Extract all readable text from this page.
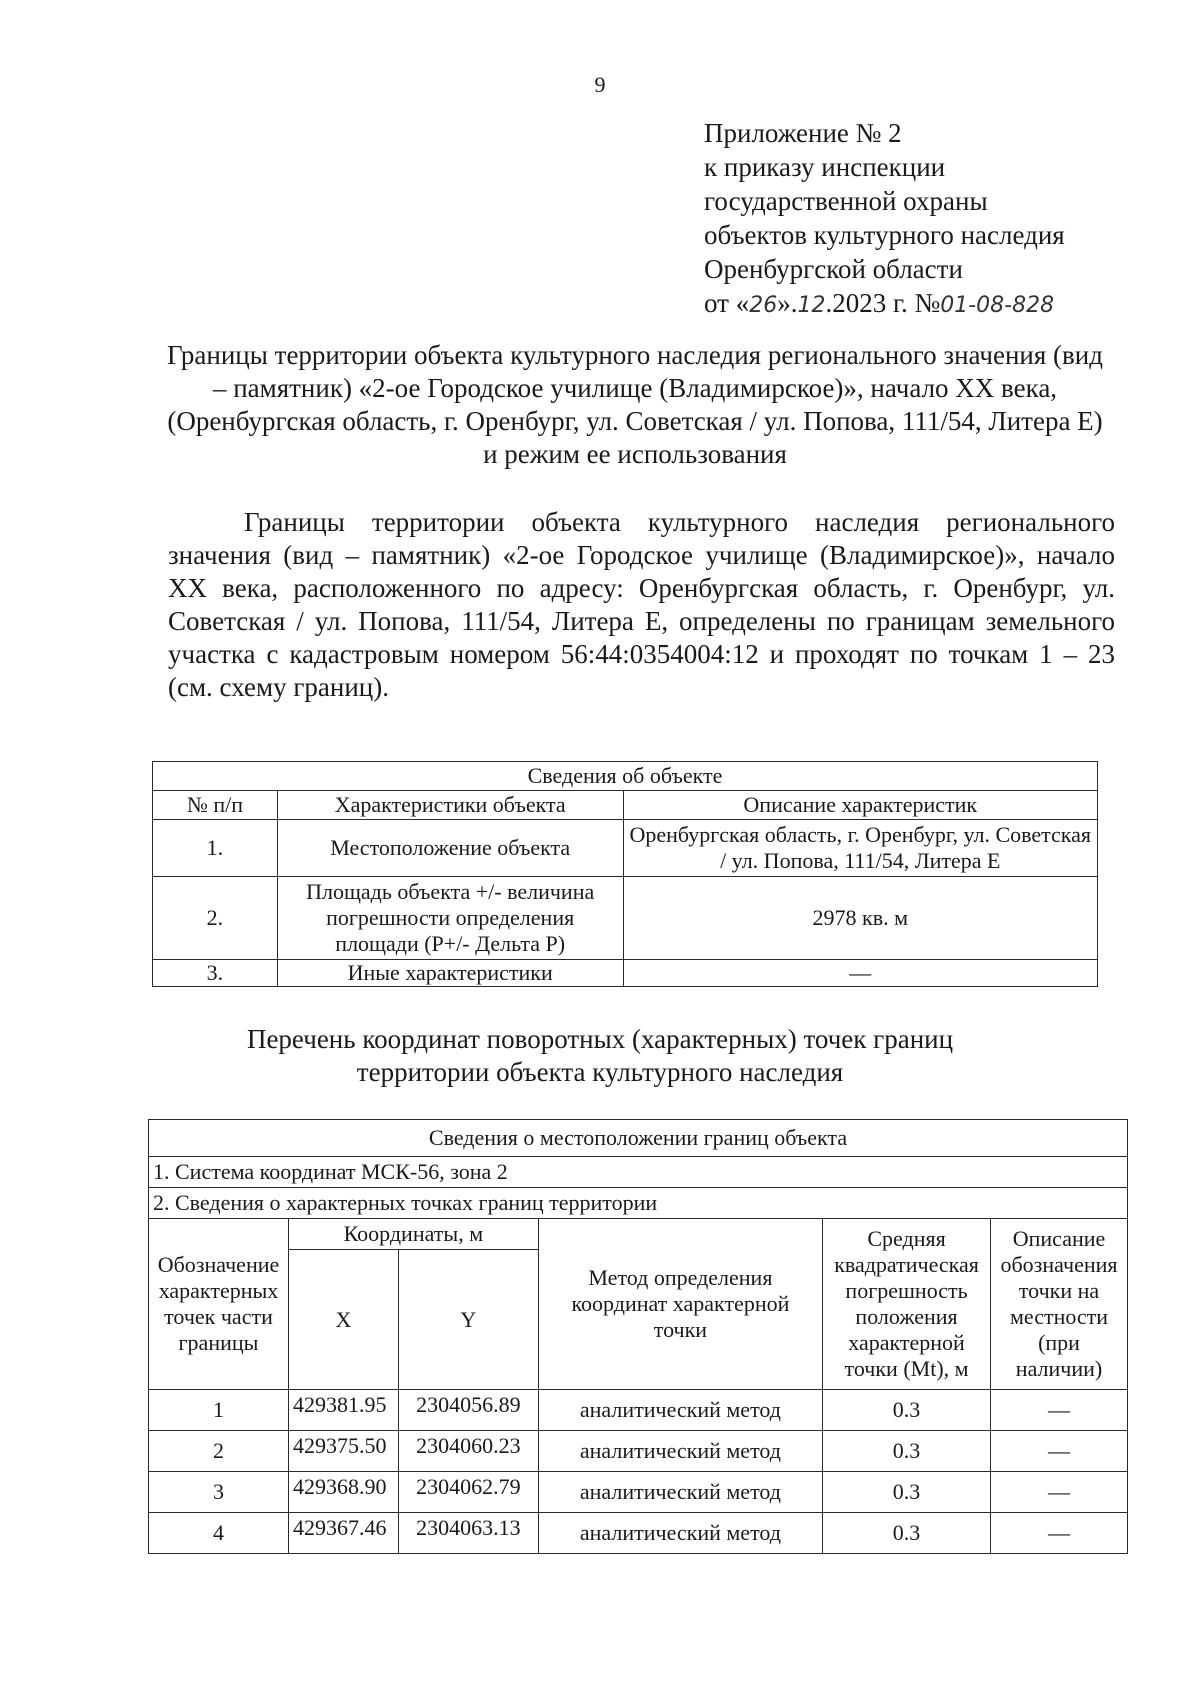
9
Приложение № 2
к приказу инспекции
государственной охраны
объектов культурного наследия
Оренбургской области
от «26».12.2023 г. №01-08-828
Границы территории объекта культурного наследия регионального значения (вид – памятник) «2-ое Городское училище (Владимирское)», начало XX века, (Оренбургская область, г. Оренбург, ул. Советская / ул. Попова, 111/54, Литера Е) и режим ее использования
Границы территории объекта культурного наследия регионального значения (вид – памятник) «2-ое Городское училище (Владимирское)», начало XX века, расположенного по адресу: Оренбургская область, г. Оренбург, ул. Советская / ул. Попова, 111/54, Литера Е, определены по границам земельного участка с кадастровым номером 56:44:0354004:12 и проходят по точкам 1 – 23 (см. схему границ).
Сведения об объекте		
№ п/п	Характеристики объекта	Описание характеристик
1.	Местоположение объекта	Оренбургская область, г. Оренбург, ул. Советская / ул. Попова, 111/54, Литера Е
2.	Площадь объекта +/- величина погрешности определения площади (Р+/- Дельта Р)	2978 кв. м
3.	Иные характеристики	—
Перечень координат поворотных (характерных) точек границ территории объекта культурного наследия
Сведения о местоположении границ объекта					
1. Система координат МСК-56, зона 2					
2. Сведения о характерных точках границ территории					
Обозначение характерных точек части границы	Координаты, м		Метод определения координат характерной точки	Средняя квадратическая погрешность положения характерной точки (Mt), м	Описание обозначения точки на местности (при наличии)
	X	Y			
1	429381.95	2304056.89	аналитический метод	0.3	—
2	429375.50	2304060.23	аналитический метод	0.3	—
3	429368.90	2304062.79	аналитический метод	0.3	—
4	429367.46	2304063.13	аналитический метод	0.3	—
